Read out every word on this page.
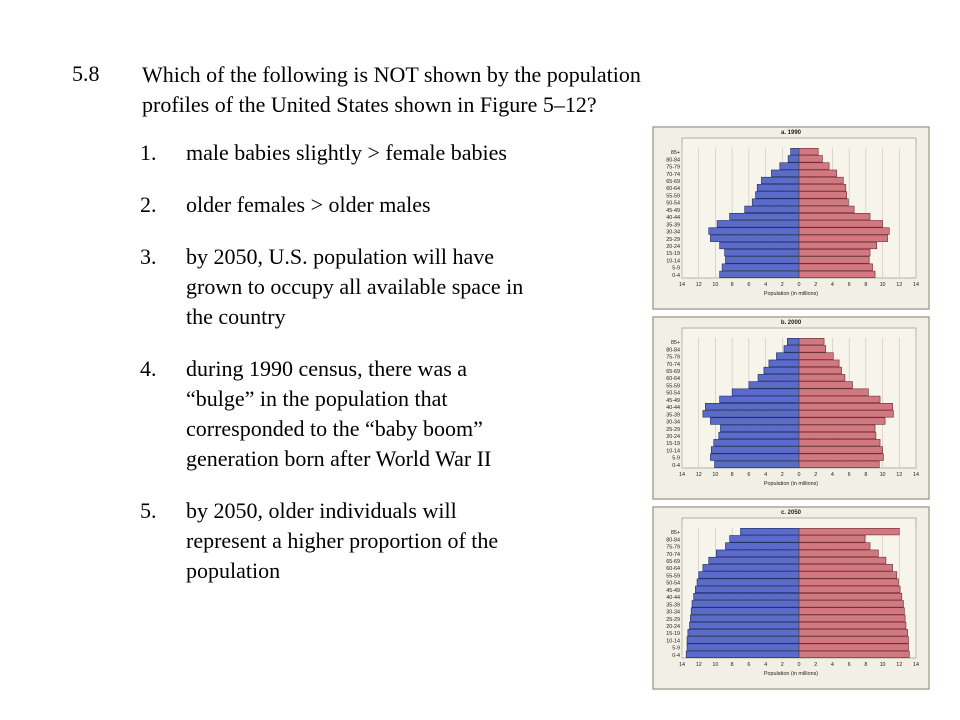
5.8 Which of the following is NOT shown by the population
profiles of the United States shown in Figure 5–12?
1.	male babies slightly > female babies
2.	older females > older males
3.	by 2050, U.S. population will have
grown to occupy all available space in
the country
4.	during 1990 census, there was a
“bulge” in the population that
corresponded to the “baby boom”
generation born after World War II
5.	by 2050, older individuals will
represent a higher proportion of the
population
a. 1990
14 12 10 8	6	4	2	0	2	4	6	8 10 12 14
85+
80-84
75-79
70-74
65-69
60-64
55-59
50-54
45-49
40-44
35-39
30-34
25-29
20-24
15-19
10-14
5-9
0-4
Population (in millions)
b. 2000
14 12 10 8	6	4	2	0	2	4	6	8 10 12 14
85+
80-84
75-79
70-74
65-69
60-64
55-59
50-54
45-49
40-44
35-39
30-34
25-29
20-24
15-19
10-14
5-9
0-4
Population (in millions)
c. 2050
14 12 10 8	6	4	2	0	2	4	6	8 10 12 14
85+
80-84
75-79
70-74
65-69
60-64
55-59
50-54
45-49
40-44
35-39
30-34
25-29
20-24
15-19
10-14
5-9
0-4
Population (in millions)
